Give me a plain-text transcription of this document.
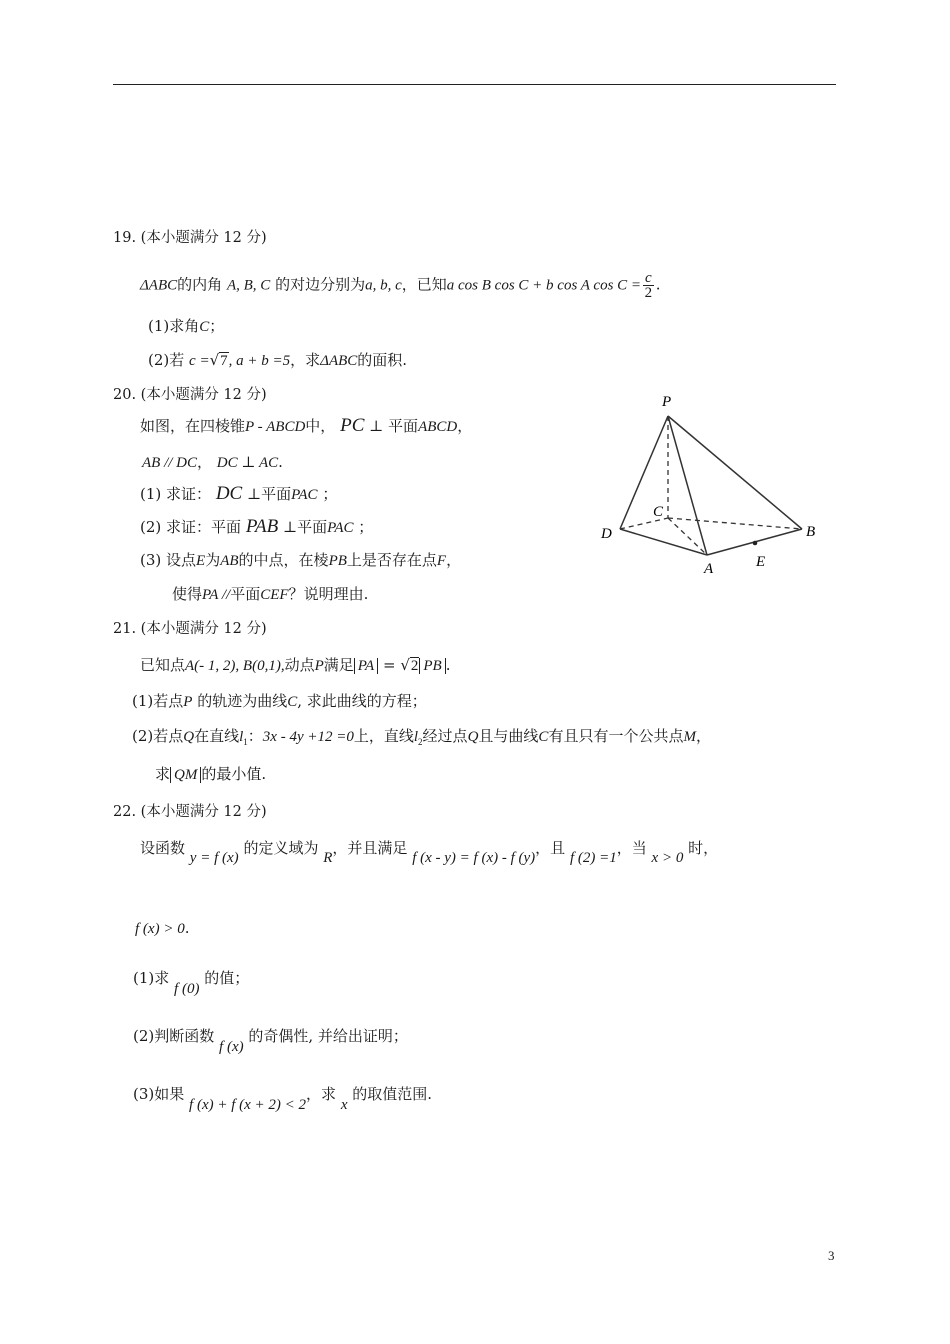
19. (本小题满分 12 分)
ΔABC的内角 A, B, C 的对边分别为a, b, c，已知a cos B cos C + b cos A $\cos C = \frac{c}{2}$ .
(1)求角C；
(2)若 c =√7, a + b =5，求ΔABC的面积.
20. (本小题满分 12 分)
如图，在四棱锥P - ABCD中， PC ⊥ 平面ABCD，
AB // DC， DC ⊥ AC.
(1) 求证： DC ⊥平面PAC ；
(2) 求证：平面 PAB ⊥平面PAC ；
(3) 设点E为AB的中点，在棱PB上是否存在点F，
使得PA //平面CEF？说明理由.
P
C
D	B
A	E
21. (本小题满分 12 分)
已知点A(- 1, 2), B(0,1),动点P满足 PA = √2 PB .
(1)若点P 的轨迹为曲线C, 求此曲线的方程；
(2)若点Q在直线$l_1$：3x - 4y +12 =0上，直线$l_2$经过点Q且与曲线C有且只有一个公共点M，
求 QM 的最小值.
22. (本小题满分 12 分)
设函数 y = f (x) 的定义域为 R，并且满足 f (x - y) = f (x) - f (y)，且 f (2) =1，当 x > 0 时，
f (x) > 0.
(1)求 f (0) 的值；
(2)判断函数 f (x) 的奇偶性, 并给出证明；
(3)如果 f (x) + f (x + 2) < 2，求 x 的取值范围.
3
